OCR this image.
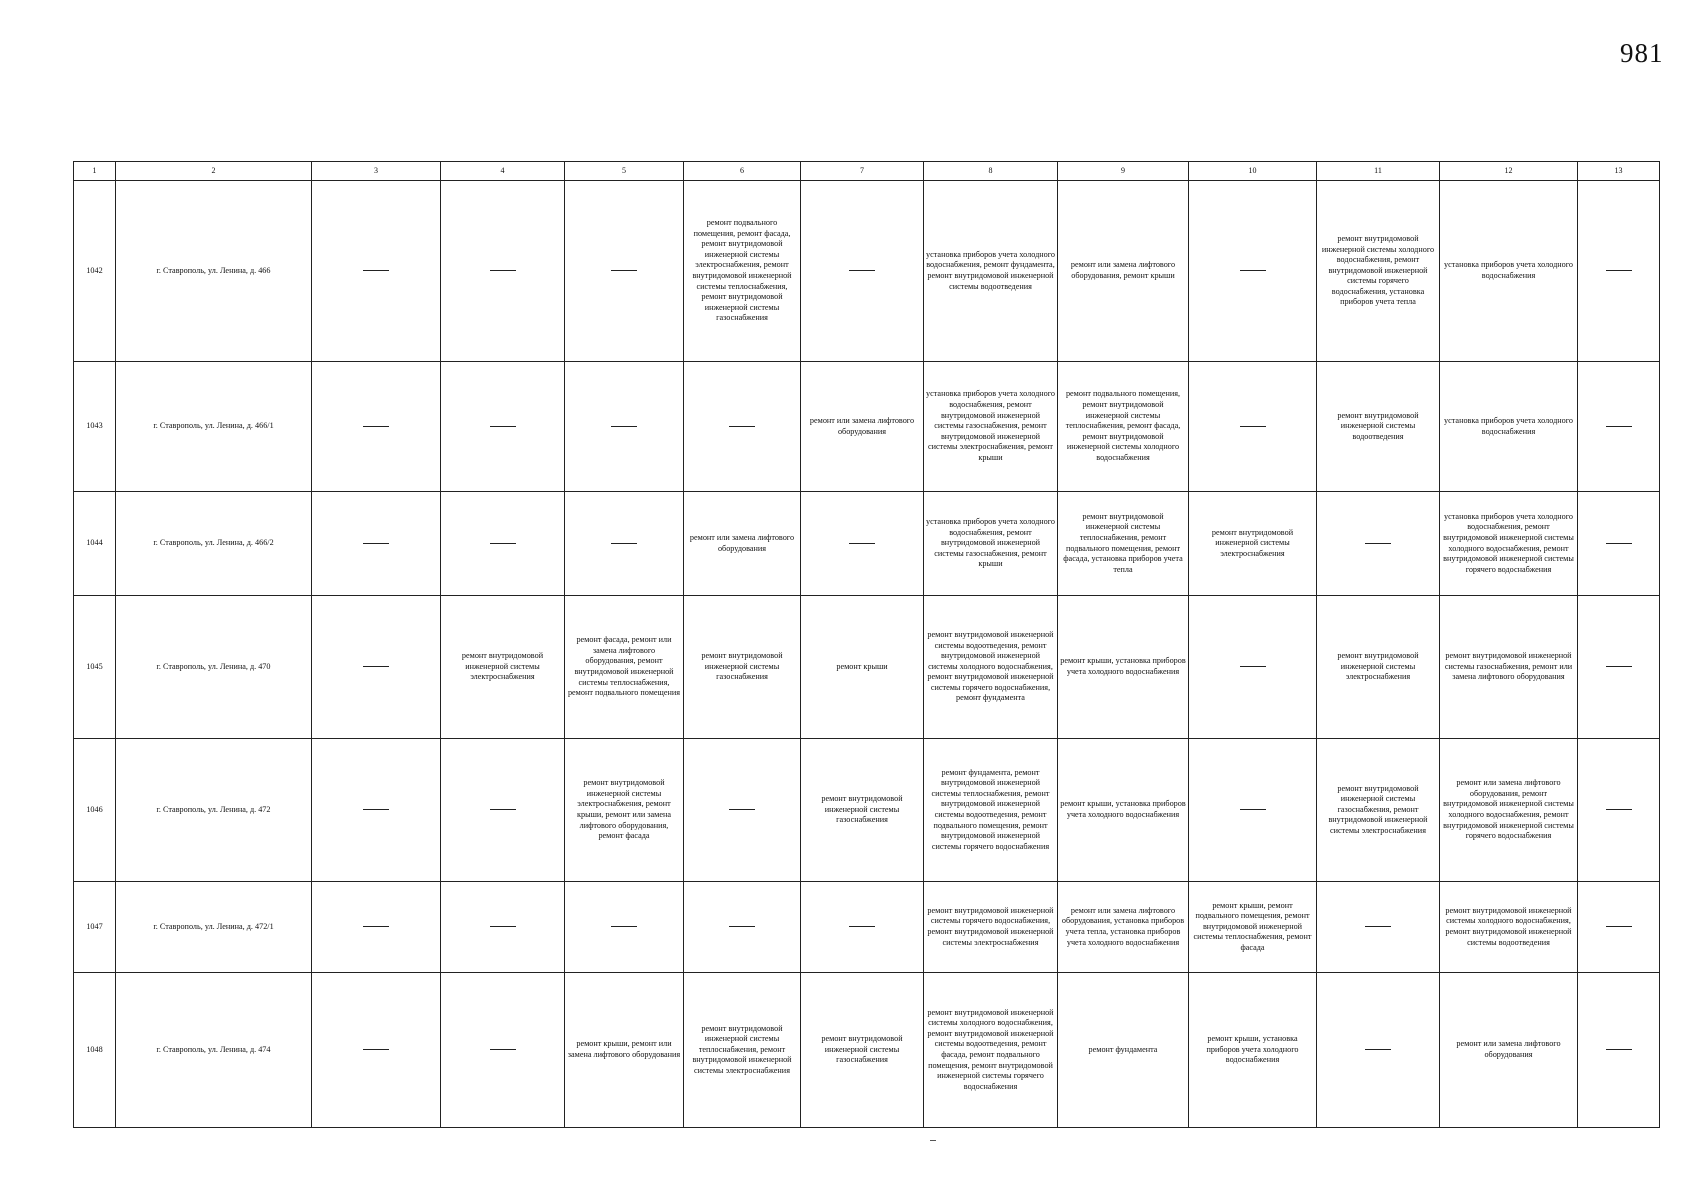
981
1	2	3	4	5	6	7	8	9	10	11	12	13
1042	г. Ставрополь, ул. Ленина, д. 466				ремонт подвального помещения, ремонт фасада, ремонт внутридомовой инженерной системы электроснабжения, ремонт внутридомовой инженерной системы теплоснабжения, ремонт внутридомовой инженерной системы газоснабжения		установка приборов учета холодного водоснабжения, ремонт фундамента, ремонт внутридомовой инженерной системы водоотведения	ремонт или замена лифтового оборудования, ремонт крыши		ремонт внутридомовой инженерной системы холодного водоснабжения, ремонт внутридомовой инженерной системы горячего водоснабжения, установка приборов учета тепла	установка приборов учета холодного водоснабжения	
1043	г. Ставрополь, ул. Ленина, д. 466/1					ремонт или замена лифтового оборудования	установка приборов учета холодного водоснабжения, ремонт внутридомовой инженерной системы газоснабжения, ремонт внутридомовой инженерной системы электроснабжения, ремонт крыши	ремонт подвального помещения, ремонт внутридомовой инженерной системы теплоснабжения, ремонт фасада, ремонт внутридомовой инженерной системы холодного водоснабжения		ремонт внутридомовой инженерной системы водоотведения	установка приборов учета холодного водоснабжения	
1044	г. Ставрополь, ул. Ленина, д. 466/2				ремонт или замена лифтового оборудования		установка приборов учета холодного водоснабжения, ремонт внутридомовой инженерной системы газоснабжения, ремонт крыши	ремонт внутридомовой инженерной системы теплоснабжения, ремонт подвального помещения, ремонт фасада, установка приборов учета тепла	ремонт внутридомовой инженерной системы электроснабжения		установка приборов учета холодного водоснабжения, ремонт внутридомовой инженерной системы холодного водоснабжения, ремонт внутридомовой инженерной системы горячего водоснабжения	
1045	г. Ставрополь, ул. Ленина, д. 470		ремонт внутридомовой инженерной системы электроснабжения	ремонт фасада, ремонт или замена лифтового оборудования, ремонт внутридомовой инженерной системы теплоснабжения, ремонт подвального помещения	ремонт внутридомовой инженерной системы газоснабжения	ремонт крыши	ремонт внутридомовой инженерной системы водоотведения, ремонт внутридомовой инженерной системы холодного водоснабжения, ремонт внутридомовой инженерной системы горячего водоснабжения, ремонт фундамента	ремонт крыши, установка приборов учета холодного водоснабжения		ремонт внутридомовой инженерной системы электроснабжения	ремонт внутридомовой инженерной системы газоснабжения, ремонт или замена лифтового оборудования	
1046	г. Ставрополь, ул. Ленина, д. 472			ремонт внутридомовой инженерной системы электроснабжения, ремонт крыши, ремонт или замена лифтового оборудования, ремонт фасада		ремонт внутридомовой инженерной системы газоснабжения	ремонт фундамента, ремонт внутридомовой инженерной системы теплоснабжения, ремонт внутридомовой инженерной системы водоотведения, ремонт подвального помещения, ремонт внутридомовой инженерной системы горячего водоснабжения	ремонт крыши, установка приборов учета холодного водоснабжения		ремонт внутридомовой инженерной системы газоснабжения, ремонт внутридомовой инженерной системы электроснабжения	ремонт или замена лифтового оборудования, ремонт внутридомовой инженерной системы холодного водоснабжения, ремонт внутридомовой инженерной системы горячего водоснабжения	
1047	г. Ставрополь, ул. Ленина, д. 472/1						ремонт внутридомовой инженерной системы горячего водоснабжения, ремонт внутридомовой инженерной системы электроснабжения	ремонт или замена лифтового оборудования, установка приборов учета тепла, установка приборов учета холодного водоснабжения	ремонт крыши, ремонт подвального помещения, ремонт внутридомовой инженерной системы теплоснабжения, ремонт фасада		ремонт внутридомовой инженерной системы холодного водоснабжения, ремонт внутридомовой инженерной системы водоотведения	
1048	г. Ставрополь, ул. Ленина, д. 474			ремонт крыши, ремонт или замена лифтового оборудования	ремонт внутридомовой инженерной системы теплоснабжения, ремонт внутридомовой инженерной системы электроснабжения	ремонт внутридомовой инженерной системы газоснабжения	ремонт внутридомовой инженерной системы холодного водоснабжения, ремонт внутридомовой инженерной системы водоотведения, ремонт фасада, ремонт подвального помещения, ремонт внутридомовой инженерной системы горячего водоснабжения	ремонт фундамента	ремонт крыши, установка приборов учета холодного водоснабжения		ремонт или замена лифтового оборудования	
